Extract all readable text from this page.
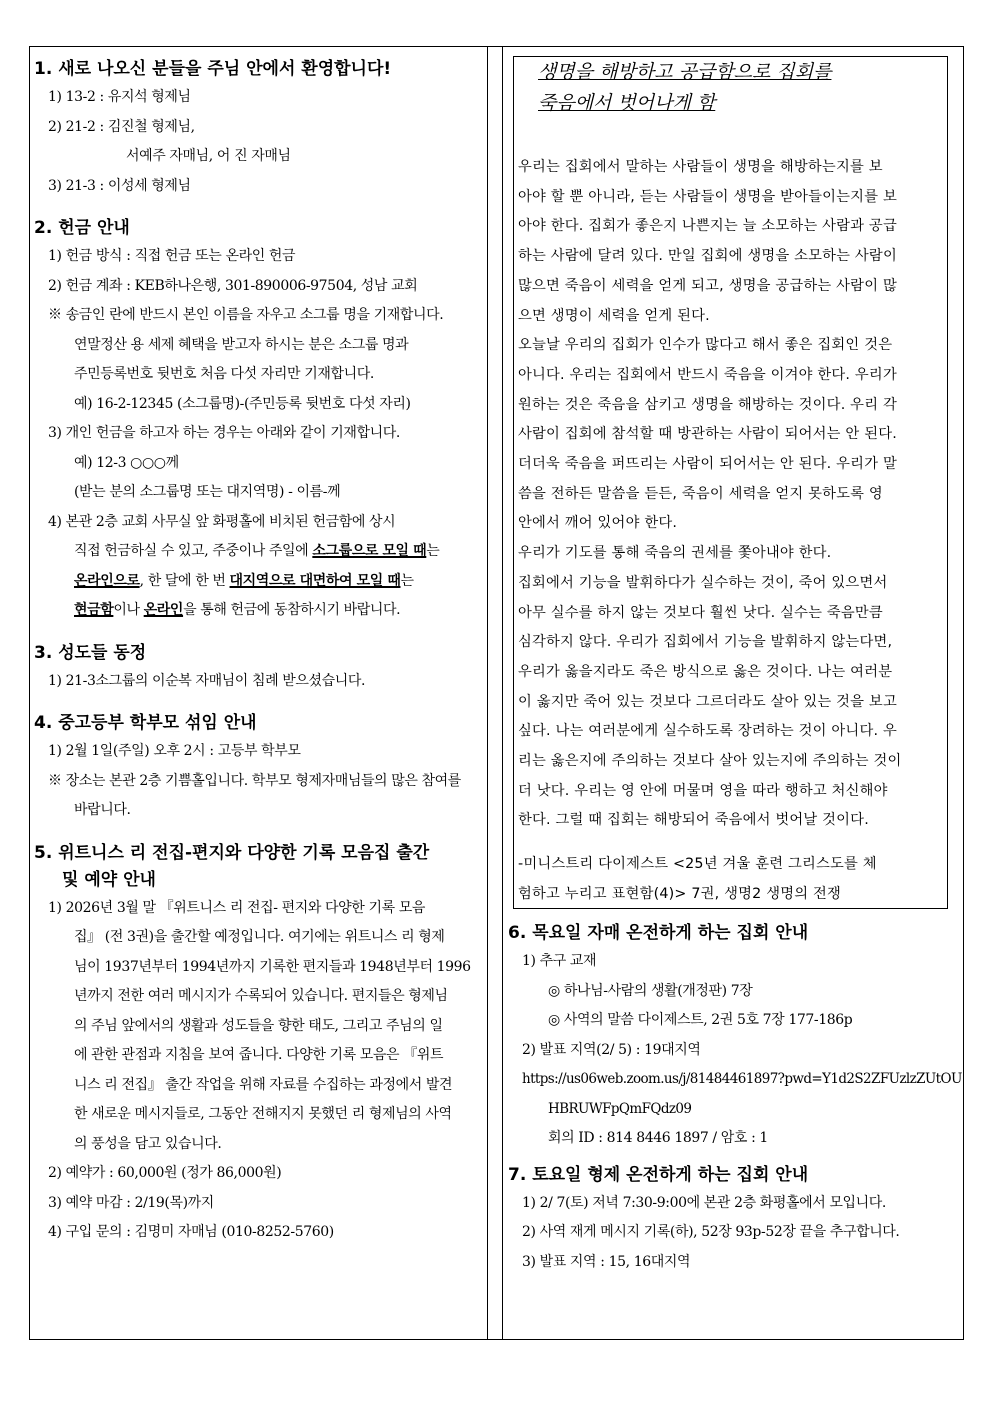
1. 새로 나오신 분들을 주님 안에서 환영합니다!
1) 13-2 : 유지석 형제님
2) 21-2 : 김진철 형제님,
서예주 자매님, 어 진 자매님
3) 21-3 : 이성세 형제님
2. 헌금 안내
1) 헌금 방식 : 직접 헌금 또는 온라인 헌금
2) 헌금 계좌 : KEB하나은행, 301-890006-97504, 성남 교회
※ 송금인 란에 반드시 본인 이름을 자우고 소그룹 명을 기재합니다.
연말정산 용 세제 혜택을 받고자 하시는 분은 소그룹 명과
주민등록번호 뒷번호 처음 다섯 자리만 기재합니다.
예) 16-2-12345 (소그룹명)-(주민등록 뒷번호 다섯 자리)
3) 개인 헌금을 하고자 하는 경우는 아래와 같이 기재합니다.
예) 12-3 ○○○께
(받는 분의 소그룹명 또는 대지역명) - 이름-께
4) 본관 2층 교회 사무실 앞 화평홀에 비치된 헌금함에 상시
직접 헌금하실 수 있고, 주중이나 주일에 소그룹으로 모일 때는
온라인으로, 한 달에 한 번 대지역으로 대면하여 모일 때는
현금함이나 온라인을 통해 헌금에 동참하시기 바랍니다.
3. 성도들 동정
1) 21-3소그룹의 이순복 자매님이 침례 받으셨습니다.
4. 중고등부 학부모 섞임 안내
1) 2월 1일(주일) 오후 2시 : 고등부 학부모
※ 장소는 본관 2층 기쁨홀입니다. 학부모 형제자매님들의 많은 참여를
바랍니다.
5. 위트니스 리 전집-편지와 다양한 기록 모음집 출간
및 예약 안내
1) 2026년 3월 말 『위트니스 리 전집- 편지와 다양한 기록 모음
집』 (전 3권)을 출간할 예정입니다. 여기에는 위트니스 리 형제
님이 1937년부터 1994년까지 기록한 편지들과 1948년부터 1996
년까지 전한 여러 메시지가 수록되어 있습니다. 편지들은 형제님
의 주님 앞에서의 생활과 성도들을 향한 태도, 그리고 주님의 일
에 관한 관점과 지침을 보여 줍니다. 다양한 기록 모음은 『위트
니스 리 전집』 출간 작업을 위해 자료를 수집하는 과정에서 발견
한 새로운 메시지들로, 그동안 전해지지 못했던 리 형제님의 사역
의 풍성을 담고 있습니다.
2) 예약가 : 60,000원 (정가 86,000원)
3) 예약 마감 : 2/19(목)까지
4) 구입 문의 : 김명미 자매님 (010-8252-5760)
생명을 해방하고 공급함으로 집회를
죽음에서 벗어나게 함
우리는 집회에서 말하는 사람들이 생명을 해방하는지를 보
아야 할 뿐 아니라, 듣는 사람들이 생명을 받아들이는지를 보
아야 한다. 집회가 좋은지 나쁜지는 늘 소모하는 사람과 공급
하는 사람에 달려 있다. 만일 집회에 생명을 소모하는 사람이
많으면 죽음이 세력을 얻게 되고, 생명을 공급하는 사람이 많
으면 생명이 세력을 얻게 된다.
오늘날 우리의 집회가 인수가 많다고 해서 좋은 집회인 것은
아니다. 우리는 집회에서 반드시 죽음을 이겨야 한다. 우리가
원하는 것은 죽음을 삼키고 생명을 해방하는 것이다. 우리 각
사람이 집회에 참석할 때 방관하는 사람이 되어서는 안 된다.
더더욱 죽음을 퍼뜨리는 사람이 되어서는 안 된다. 우리가 말
씀을 전하든 말씀을 듣든, 죽음이 세력을 얻지 못하도록 영
안에서 깨어 있어야 한다.
우리가 기도를 통해 죽음의 권세를 쫓아내야 한다.
집회에서 기능을 발휘하다가 실수하는 것이, 죽어 있으면서
아무 실수를 하지 않는 것보다 훨씬 낫다. 실수는 죽음만큼
심각하지 않다. 우리가 집회에서 기능을 발휘하지 않는다면,
우리가 옳을지라도 죽은 방식으로 옳은 것이다. 나는 여러분
이 옳지만 죽어 있는 것보다 그르더라도 살아 있는 것을 보고
싶다. 나는 여러분에게 실수하도록 장려하는 것이 아니다. 우
리는 옳은지에 주의하는 것보다 살아 있는지에 주의하는 것이
더 낫다. 우리는 영 안에 머물며 영을 따라 행하고 처신해야
한다. 그럴 때 집회는 해방되어 죽음에서 벗어날 것이다.
-미니스트리 다이제스트 <25년 겨울 훈련 그리스도를 체
험하고 누리고 표현함(4)> 7권, 생명2 생명의 전쟁
6. 목요일 자매 온전하게 하는 집회 안내
1) 추구 교재
◎ 하나님-사람의 생활(개정판) 7장
◎ 사역의 말씀 다이제스트, 2권 5호 7장 177-186p
2) 발표 지역(2/ 5) : 19대지역
https://us06web.zoom.us/j/81484461897?pwd=Y1d2S2ZFUzlzZUtOU
HBRUWFpQmFQdz09
회의 ID : 814 8446 1897 / 암호 : 1
7. 토요일 형제 온전하게 하는 집회 안내
1) 2/ 7(토) 저녁 7:30-9:00에 본관 2층 화평홀에서 모입니다.
2) 사역 재게 메시지 기록(하), 52장 93p-52장 끝을 추구합니다.
3) 발표 지역 : 15, 16대지역
